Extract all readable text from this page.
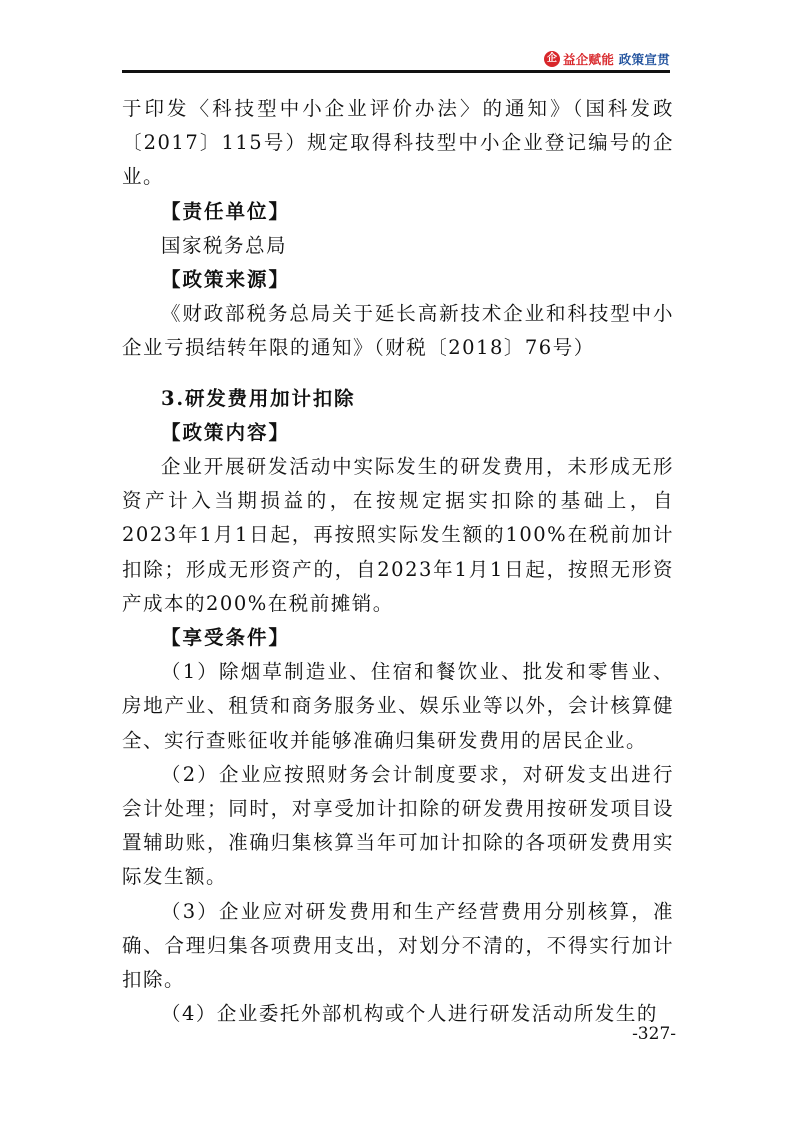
企 益企赋能 政策宣贯

于印发〈科技型中小企业评价办法〉的通知》（国科发政〔2017〕115号）规定取得科技型中小企业登记编号的企业。

【责任单位】

国家税务总局

【政策来源】

《财政部税务总局关于延长高新技术企业和科技型中小企业亏损结转年限的通知》（财税〔2018〕76号）

3.研发费用加计扣除

【政策内容】

企业开展研发活动中实际发生的研发费用，未形成无形资产计入当期损益的，在按规定据实扣除的基础上，自2023年1月1日起，再按照实际发生额的100%在税前加计扣除；形成无形资产的，自2023年1月1日起，按照无形资产成本的200%在税前摊销。

【享受条件】

（1）除烟草制造业、住宿和餐饮业、批发和零售业、房地产业、租赁和商务服务业、娱乐业等以外，会计核算健全、实行查账征收并能够准确归集研发费用的居民企业。

（2）企业应按照财务会计制度要求，对研发支出进行会计处理；同时，对享受加计扣除的研发费用按研发项目设置辅助账，准确归集核算当年可加计扣除的各项研发费用实际发生额。

（3）企业应对研发费用和生产经营费用分别核算，准确、合理归集各项费用支出，对划分不清的，不得实行加计扣除。

（4）企业委托外部机构或个人进行研发活动所发生的

-327-
